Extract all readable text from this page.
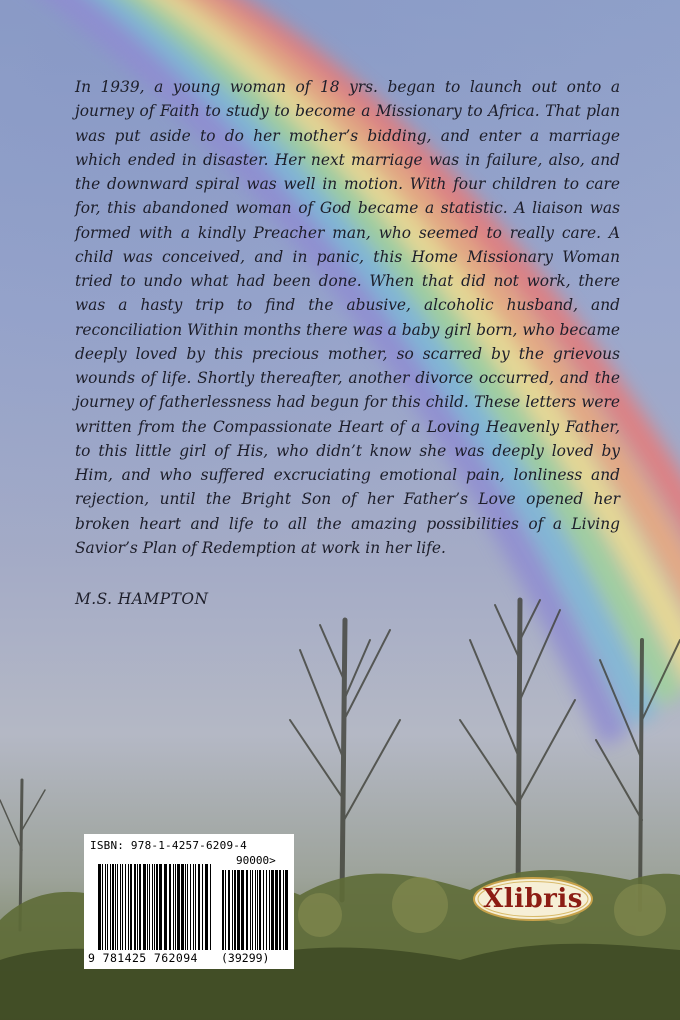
In 1939, a young woman of 18 yrs. began to launch out onto a journey of Faith to study to become a Missionary to Africa. That plan was put aside to do her mother’s bidding, and enter a marriage which ended in disaster. Her next marriage was in failure, also, and the downward spiral was well in motion. With four children to care for, this abandoned woman of God became a statistic. A liaison was formed with a kindly Preacher man, who seemed to really care. A child was conceived, and in panic, this Home Missionary Woman tried to undo what had been done. When that did not work, there was a hasty trip to find the abusive, alcoholic husband, and reconciliation Within months there was a baby girl born, who became deeply loved by this precious mother, so scarred by the grievous wounds of life. Shortly thereafter, another divorce occurred, and the journey of fatherlessness had begun for this child. These letters were written from the Compassionate Heart of a Loving Heavenly Father, to this little girl of His, who didn’t know she was deeply loved by Him, and who suffered excruciating emotional pain, lonliness and rejection, until the Bright Son of her Father’s Love opened her broken heart and life to all the amazing possibilities of a Living Savior’s Plan of Redemption at work in her life.

M.S. HAMPTON

ISBN: 978-1-4257-6209-4
90000>
9 781425 762094 (39299)
Xlibris
